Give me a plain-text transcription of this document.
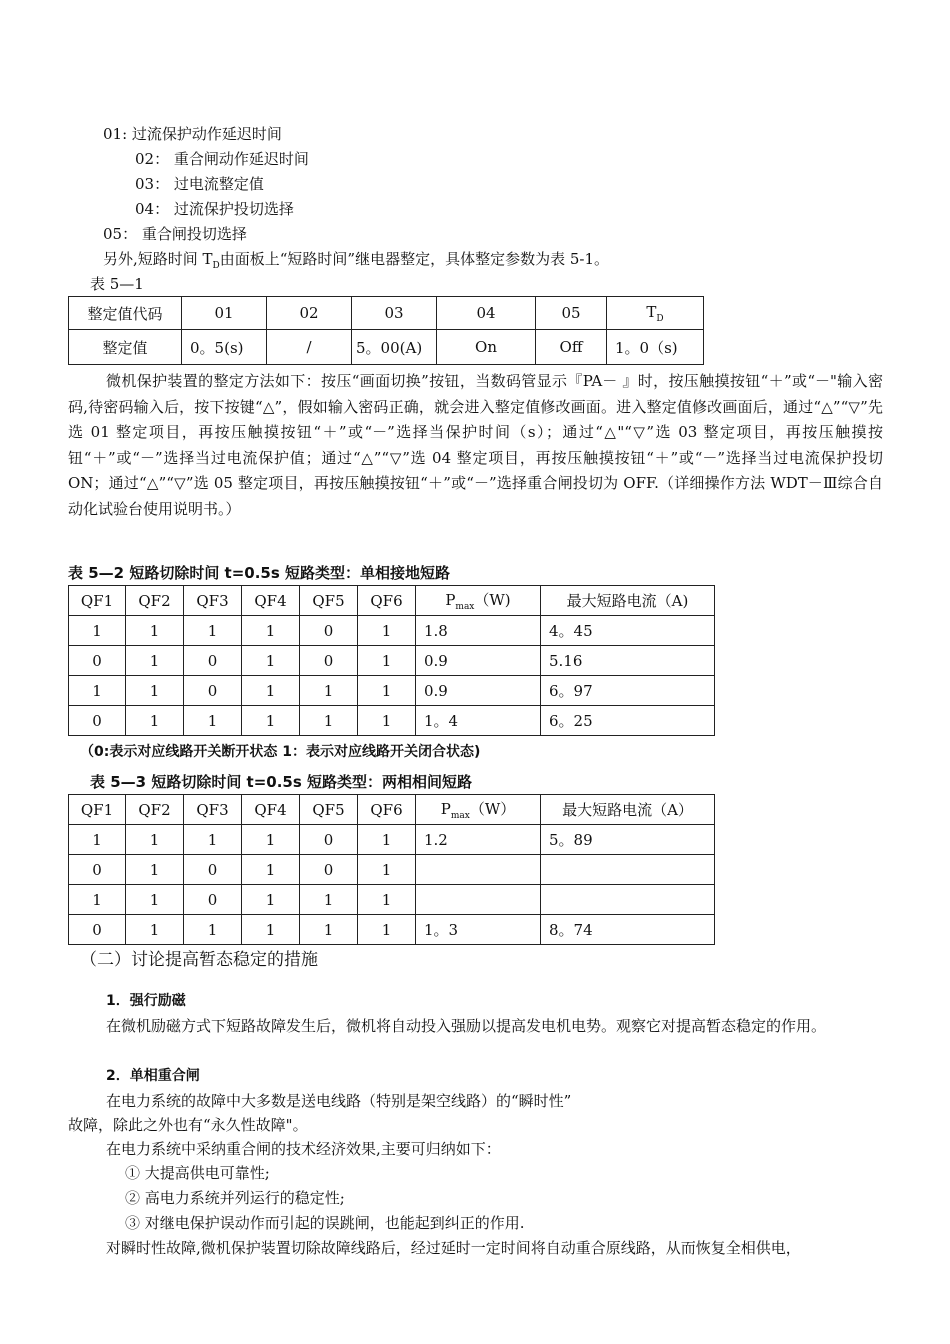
01: 过流保护动作延迟时间
02： 重合闸动作延迟时间
03： 过电流整定值
04： 过流保护投切选择
05： 重合闸投切选择
另外,短路时间 $T_D$由面板上“短路时间”继电器整定，具体整定参数为表 5-1。
表 5—1
整定值代码	01	02	03	04	05	$T_D$
整定值	0。5(s)	/	5。00(A)	On	Off	1。0（s)
微机保护装置的整定方法如下：按压“画面切换”按钮，当数码管显示『PA－ 』时，按压触摸按钮“＋”或“－"输入密码,待密码输入后，按下按键“△”，假如输入密码正确，就会进入整定值修改画面。进入整定值修改画面后，通过“△”“▽”先选 01 整定项目，再按压触摸按钮“＋”或“－”选择当保护时间（s）；通过“△"“▽”选 03 整定项目，再按压触摸按钮“＋”或“－”选择当过电流保护值；通过“△”“▽”选 04 整定项目，再按压触摸按钮“＋”或“－”选择当过电流保护投切 ON；通过“△”“▽”选 05 整定项目，再按压触摸按钮“＋”或“－”选择重合闸投切为 OFF.（详细操作方法 WDT－Ⅲ综合自动化试验台使用说明书。）
表 5—2 短路切除时间 t=0.5s 短路类型：单相接地短路
QF1	QF2	QF3	QF4	QF5	QF6	$P_{max}(W)$	最大短路电流（A)
1	1	1	1	0	1	1.8	4。45
0	1	0	1	0	1	0.9	5.16
1	1	0	1	1	1	0.9	6。97
0	1	1	1	1	1	1。4	6。25
（0:表示对应线路开关断开状态 1：表示对应线路开关闭合状态)
表 5—3 短路切除时间 t=0.5s 短路类型：两相相间短路
QF1	QF2	QF3	QF4	QF5	QF6	$P_{max}(W)$	最大短路电流（A）
1	1	1	1	0	1	1.2	5。89
0	1	0	1	0	1		
1	1	0	1	1	1		
0	1	1	1	1	1	1。3	8。74
（二）讨论提高暂态稳定的措施
1．强行励磁
在微机励磁方式下短路故障发生后，微机将自动投入强励以提高发电机电势。观察它对提高暂态稳定的作用。
2．单相重合闸
在电力系统的故障中大多数是送电线路（特别是架空线路）的“瞬时性”
故障，除此之外也有“永久性故障"。
在电力系统中采纳重合闸的技术经济效果,主要可归纳如下：
① 大提高供电可靠性;
② 高电力系统并列运行的稳定性;
③ 对继电保护误动作而引起的误跳闸，也能起到纠正的作用.
对瞬时性故障,微机保护装置切除故障线路后，经过延时一定时间将自动重合原线路，从而恢复全相供电，
